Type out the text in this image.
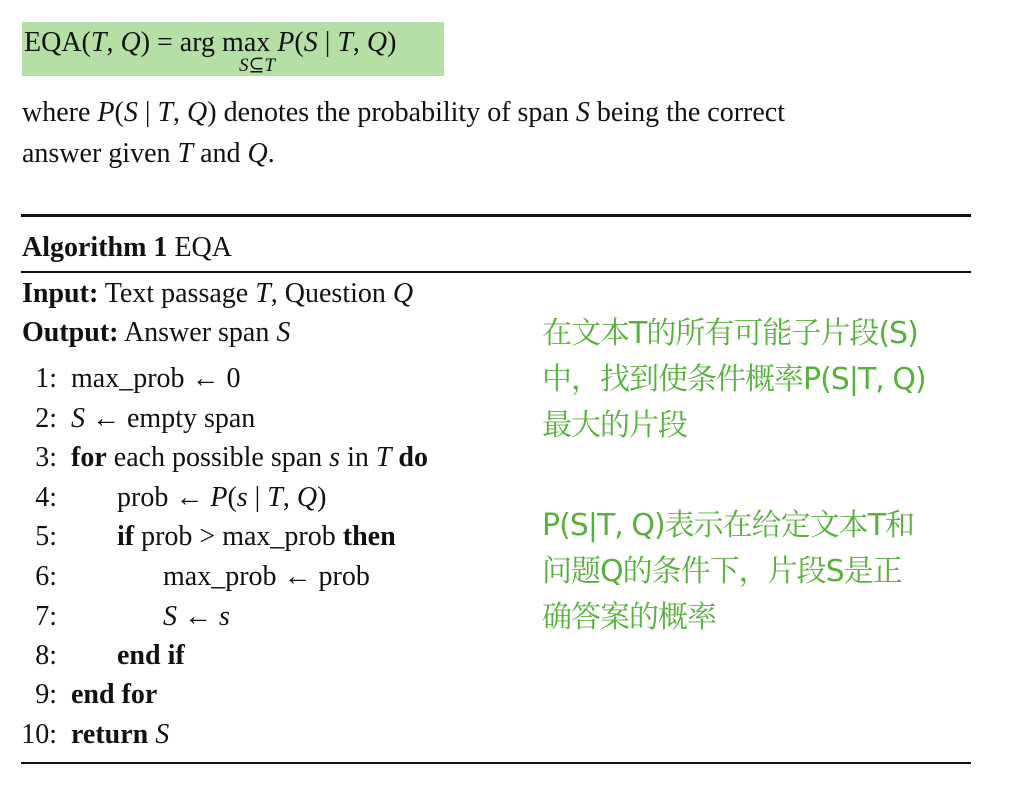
EQA(T, Q) = arg max P(S | T, Q)
S⊆T
where P(S | T, Q) denotes the probability of span S being the correct
answer given T and Q.
Algorithm 1 EQA
Input: Text passage T, Question Q
Output: Answer span S
1:  max_prob ← 0
2: S ← empty span
3: for each possible span s in T do
4: prob ← P(s | T, Q)
5: if prob > max_prob then
6:	max_prob ← prob
7:	S ← s
8: end if
9: end for
10: return S
在文本T的所有可能子片段(S)
中，找到使条件概率P(S|T, Q)
最大的片段
P(S|T, Q)表示在给定文本T和
问题Q的条件下，片段S是正
确答案的概率
